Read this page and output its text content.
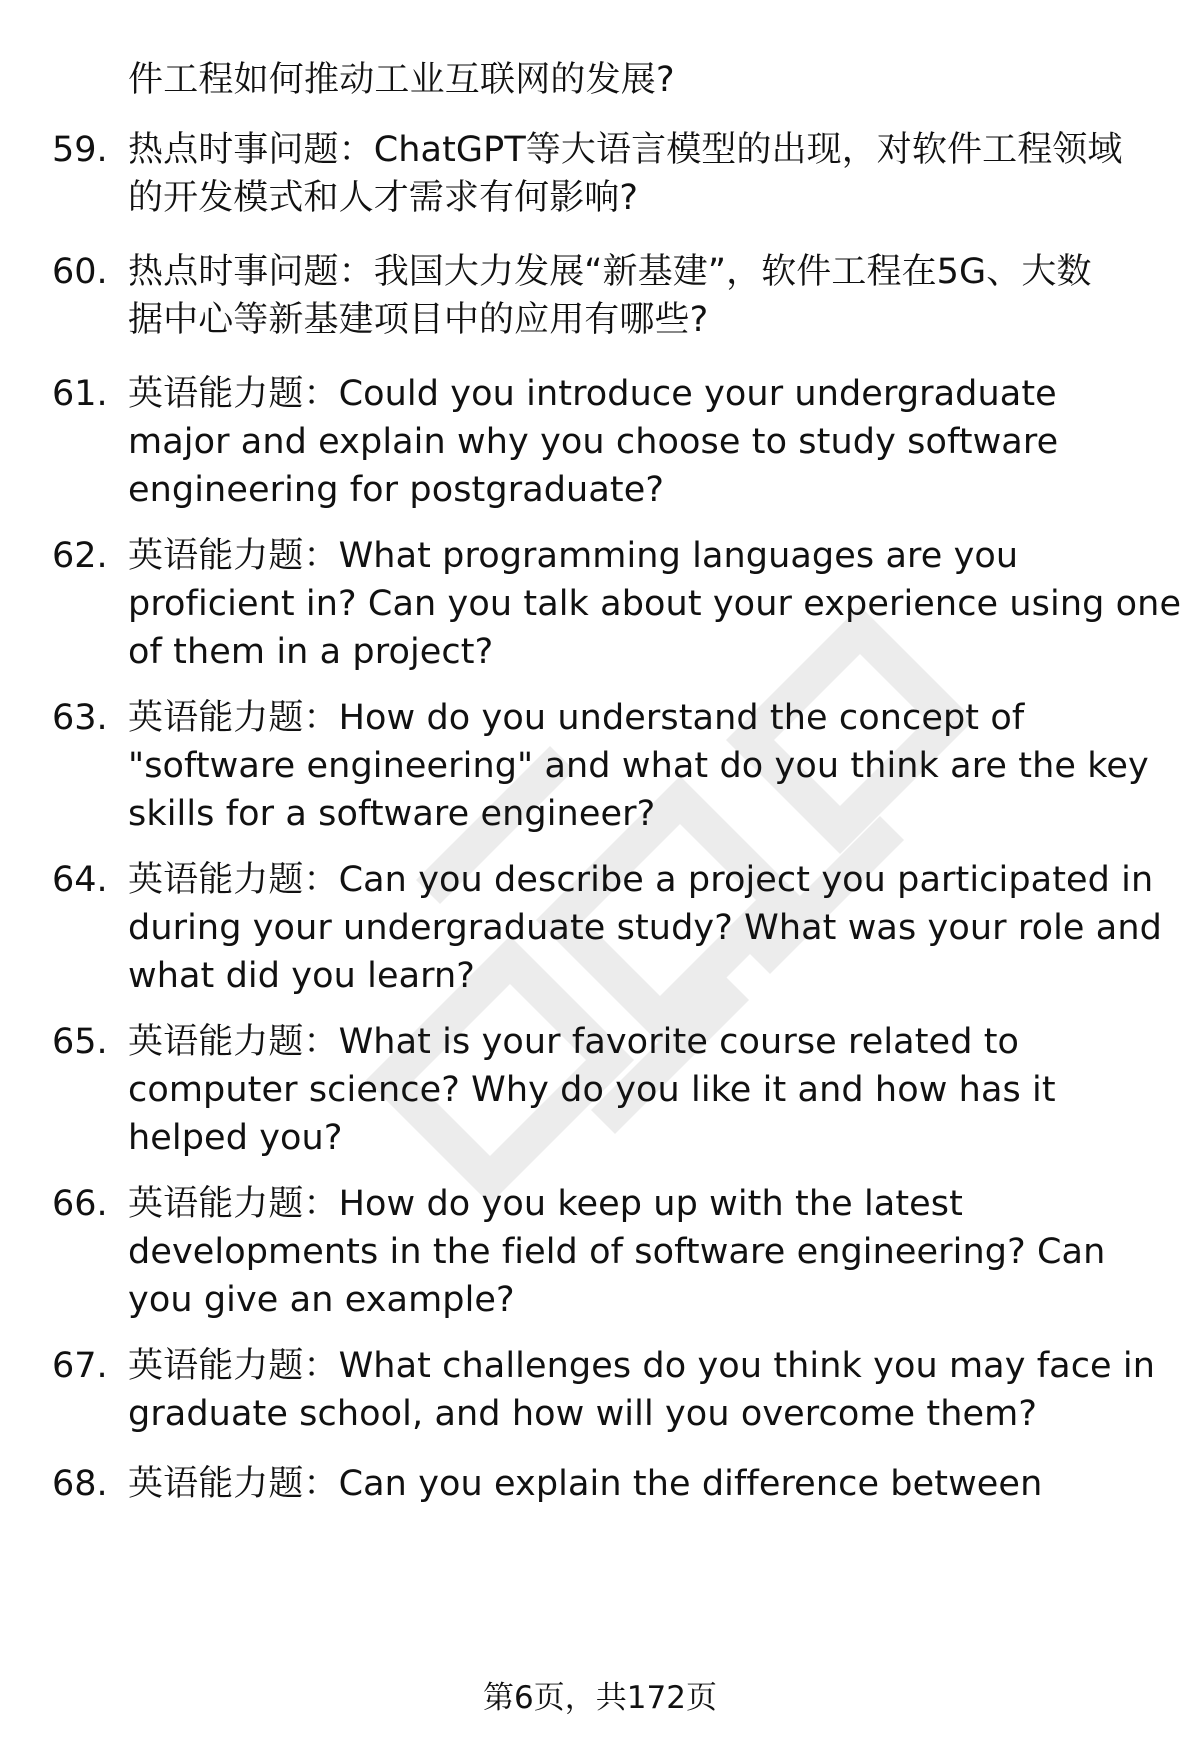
件工程如何推动工业互联网的发展?
59. 热点时事问题：ChatGPT等大语言模型的出现，对软件工程领域
的开发模式和人才需求有何影响?
60. 热点时事问题：我国大力发展“新基建”，软件工程在5G、大数
据中心等新基建项目中的应用有哪些?
61. 英语能力题：Could you introduce your undergraduate
major and explain why you choose to study software
engineering for postgraduate?
62. 英语能力题：What programming languages are you
proficient in? Can you talk about your experience using one
of them in a project?
63. 英语能力题：How do you understand the concept of
"software engineering" and what do you think are the key
skills for a software engineer?
64. 英语能力题：Can you describe a project you participated in
during your undergraduate study? What was your role and
what did you learn?
65. 英语能力题：What is your favorite course related to
computer science? Why do you like it and how has it
helped you?
66. 英语能力题：How do you keep up with the latest
developments in the field of software engineering? Can
you give an example?
67. 英语能力题：What challenges do you think you may face in
graduate school, and how will you overcome them?
68. 英语能力题：Can you explain the difference between
第6页，共172页
